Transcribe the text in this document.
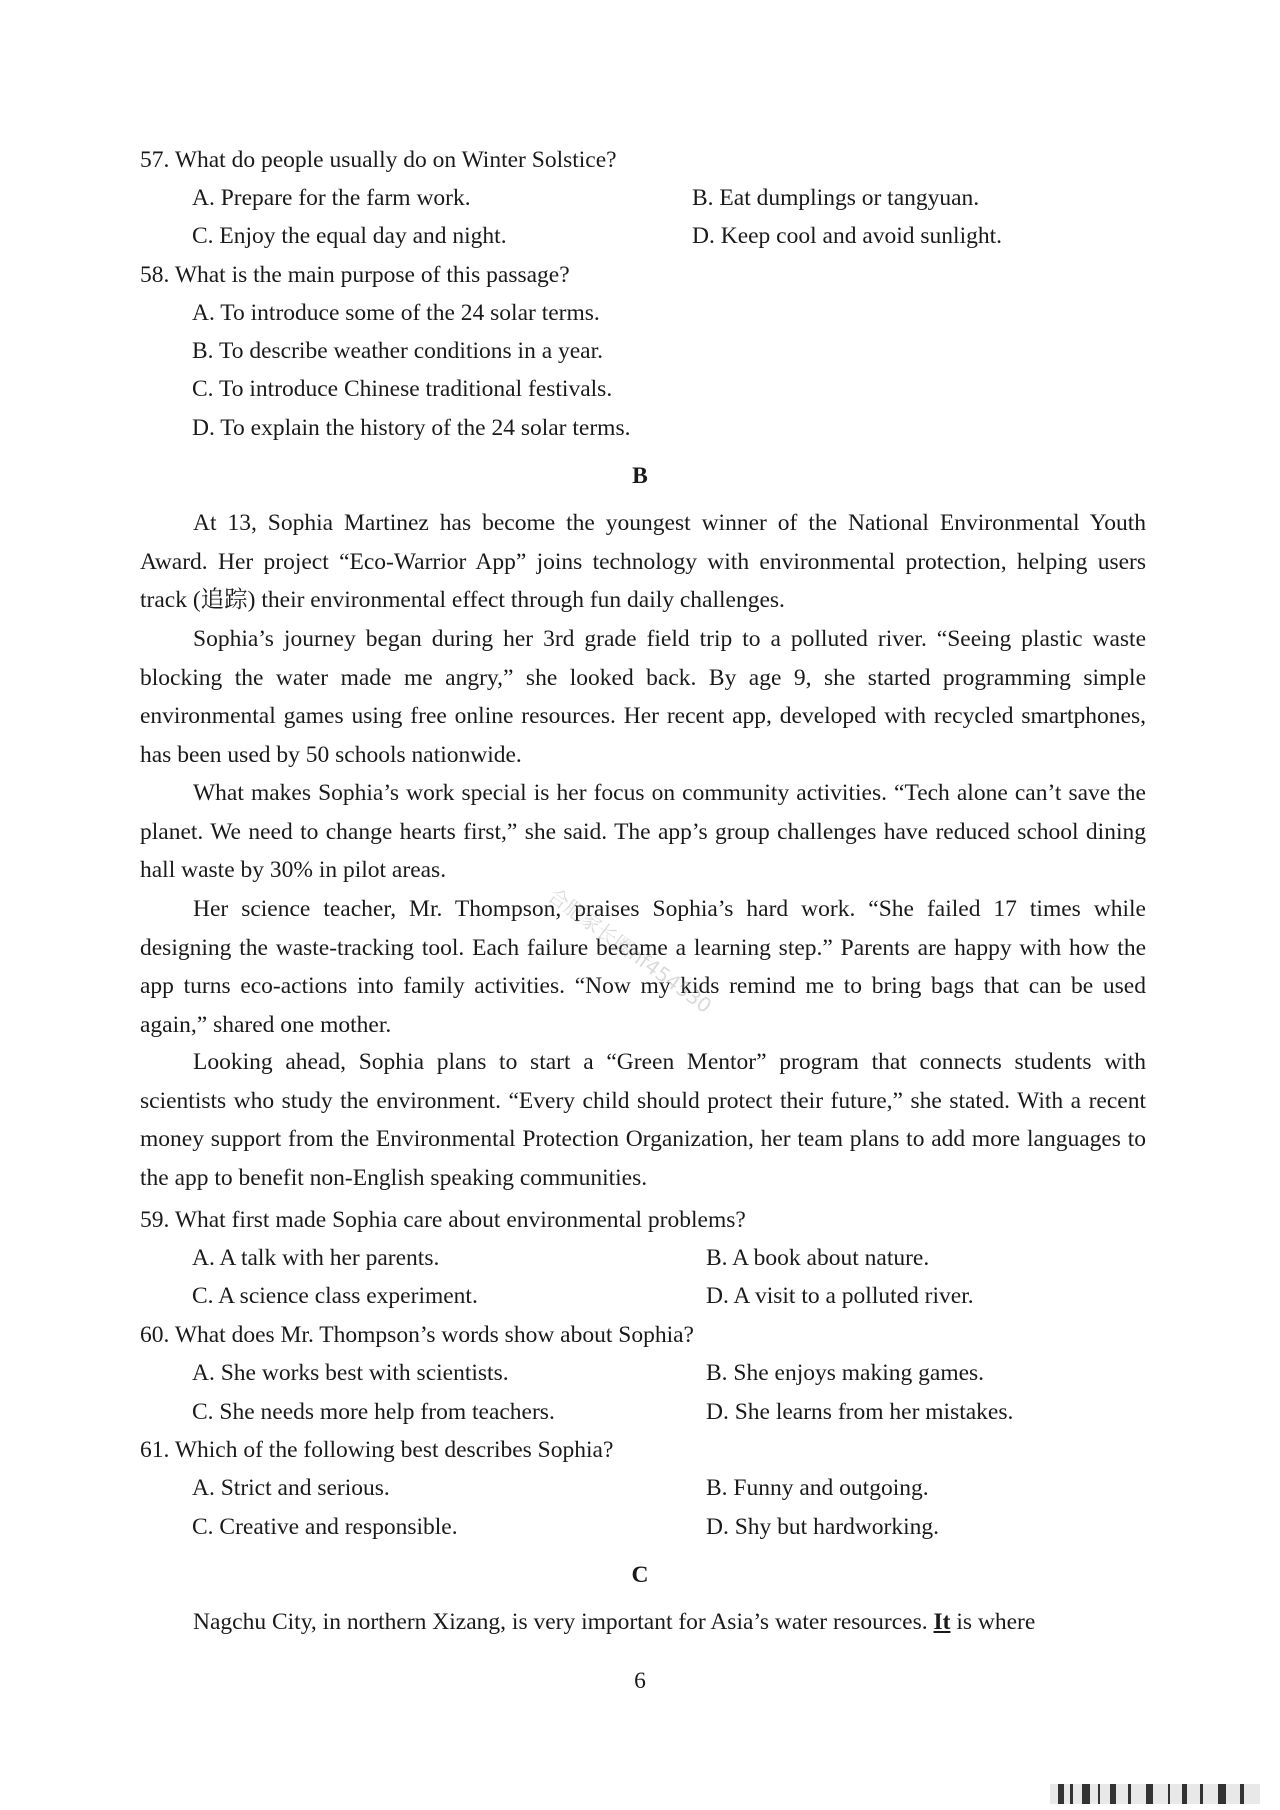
57. What do people usually do on Winter Solstice?
A. Prepare for the farm work.	B. Eat dumplings or tangyuan.
C. Enjoy the equal day and night.	D. Keep cool and avoid sunlight.
58. What is the main purpose of this passage?
A. To introduce some of the 24 solar terms.
B. To describe weather conditions in a year.
C. To introduce Chinese traditional festivals.
D. To explain the history of the 24 solar terms.
B
At 13, Sophia Martinez has become the youngest winner of the National Environmental Youth Award. Her project “Eco-Warrior App” joins technology with environmental protection, helping users track (追踪) their environmental effect through fun daily challenges.
Sophia’s journey began during her 3rd grade field trip to a polluted river. “Seeing plastic waste blocking the water made me angry,” she looked back. By age 9, she started programming simple environmental games using free online resources. Her recent app, developed with recycled smartphones, has been used by 50 schools nationwide.
What makes Sophia’s work special is her focus on community activities. “Tech alone can’t save the planet. We need to change hearts first,” she said. The app’s group challenges have reduced school dining hall waste by 30% in pilot areas.
Her science teacher, Mr. Thompson, praises Sophia’s hard work. “She failed 17 times while designing the waste-tracking tool. Each failure became a learning step.” Parents are happy with how the app turns eco-actions into family activities. “Now my kids remind me to bring bags that can be used again,” shared one mother.
Looking ahead, Sophia plans to start a “Green Mentor” program that connects students with scientists who study the environment. “Every child should protect their future,” she stated. With a recent money support from the Environmental Protection Organization, her team plans to add more languages to the app to benefit non-English speaking communities.
59. What first made Sophia care about environmental problems?
A. A talk with her parents.	B. A book about nature.
C. A science class experiment.	D. A visit to a polluted river.
60. What does Mr. Thompson’s words show about Sophia?
A. She works best with scientists.	B. She enjoys making games.
C. She needs more help from teachers.	D. She learns from her mistakes.
61. Which of the following best describes Sophia?
A. Strict and serious.	B. Funny and outgoing.
C. Creative and responsible.	D. Shy but hardworking.
C
Nagchu City, in northern Xizang, is very important for Asia’s water resources. It is where
6
合肥家长圈nf454530
